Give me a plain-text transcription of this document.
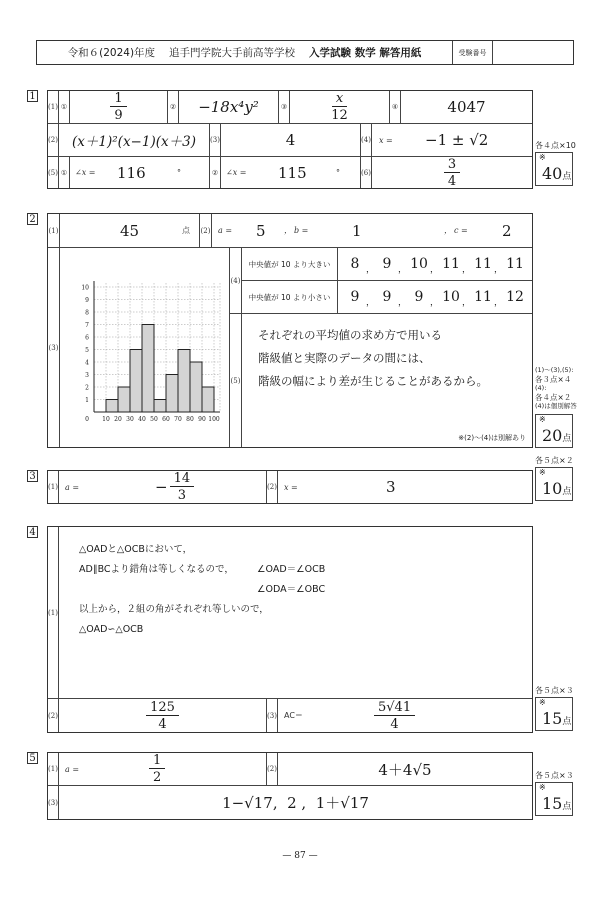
令和６(2024)年度 追手門学院大手前高等学校 入学試験 数学 解答用紙	受験番号
1
(1) ①	$\frac{1}{9}$	②	−18x⁴y²	③	$\frac{x}{12}$	④	4047
(2)	(x＋1)²(x−1)(x＋3)	(3)	4	(4) x =	−1 ± √2
(5) ① ∠x =	116	°	② ∠x =	115	°	(6)	$\frac{3}{4}$
各４点×10
※
40点
2
(1)	45	点 (2) a =	5	， b =	1	， c =	2
(3)
1
2
3
4
5
6
7
8
9
10
0 10 20 30 40 50 60 70 80 90 100
(4)
中央値が 10 より大きい	8 ， 9 ， 10 ， 11 ， 11 ， 11
中央値が 10 より小さい	9 ， 9 ， 9 ， 10 ， 11 ， 12
(5)
それぞれの平均値の求め方で用いる
階級値と実際のデータの間には、
階級の幅により差が生じることがあるから。
※(2)〜(4)は別解あり
(1)〜(3),(5):
各３点×４
(4):
各４点×２
(4)は個別解答
※
20点
各５点×２
3
(1) a =	− $\frac{14}{3}$	(2) x =	3
※
10点
4
(1)
△OADと△OCBにおいて，
AD∥BCより錯角は等しくなるので， ∠OAD＝∠OCB
∠ODA＝∠OBC
以上から，２組の角がそれぞれ等しいので，
△OAD∽△OCB
(2)	$\frac{125}{4}$	(3) AC＝	$\frac{5√41}{4}$
各５点×３
※
15点
5
(1) a =	$\frac{1}{2}$	(2)	4＋4√5
(3)	1−√17,  2 ,  1＋√17
各５点×３
※
15点
— 87 —
